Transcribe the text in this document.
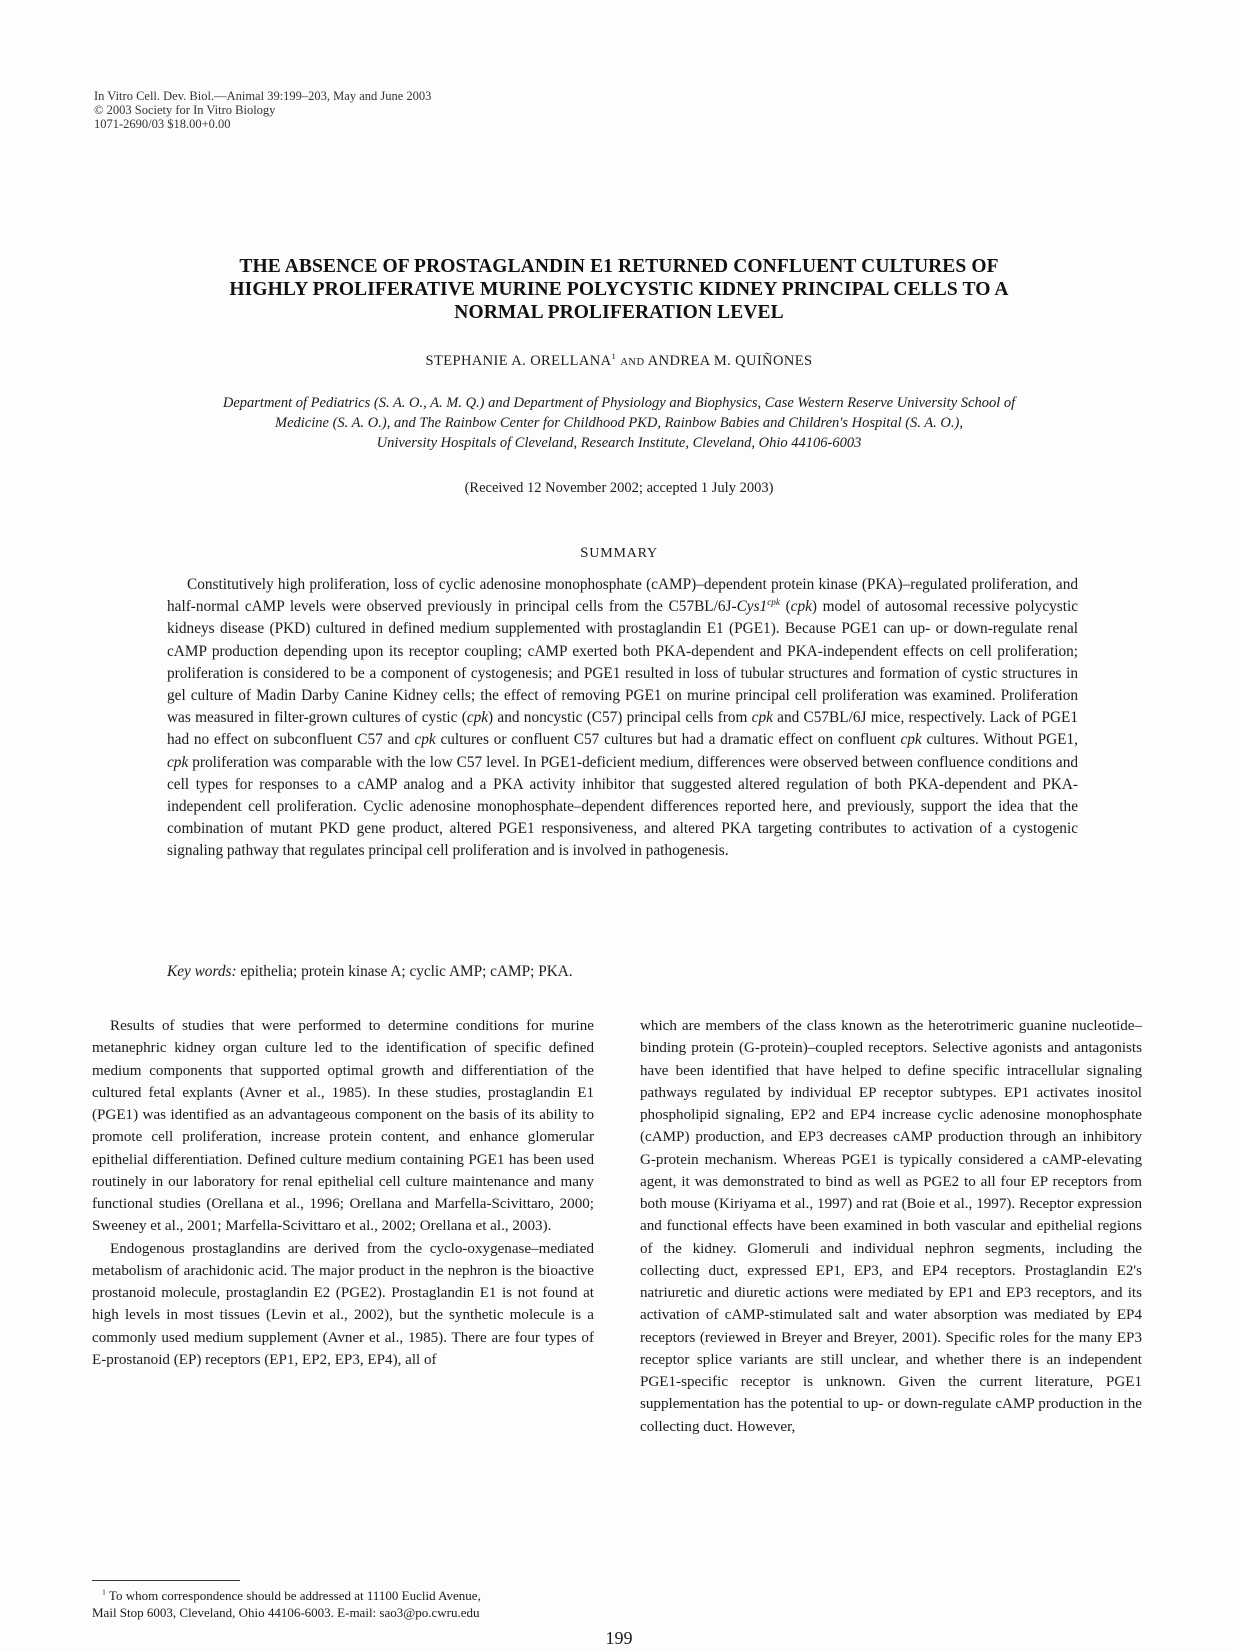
In Vitro Cell. Dev. Biol.—Animal 39:199–203, May and June 2003
© 2003 Society for In Vitro Biology
1071-2690/03 $18.00+0.00
THE ABSENCE OF PROSTAGLANDIN E1 RETURNED CONFLUENT CULTURES OF
HIGHLY PROLIFERATIVE MURINE POLYCYSTIC KIDNEY PRINCIPAL CELLS TO A
NORMAL PROLIFERATION LEVEL
STEPHANIE A. ORELLANA$^1$ AND ANDREA M. QUIÑONES
Department of Pediatrics (S. A. O., A. M. Q.) and Department of Physiology and Biophysics, Case Western Reserve University School of
Medicine (S. A. O.), and The Rainbow Center for Childhood PKD, Rainbow Babies and Children's Hospital (S. A. O.),
University Hospitals of Cleveland, Research Institute, Cleveland, Ohio 44106-6003
(Received 12 November 2002; accepted 1 July 2003)
SUMMARY

Constitutively high proliferation, loss of cyclic adenosine monophosphate (cAMP)–dependent protein kinase (PKA)–regulated proliferation, and half-normal cAMP levels were observed previously in principal cells from the $C57BL/6J-Cys1^{cpk}$ (cpk) model of autosomal recessive polycystic kidneys disease (PKD) cultured in defined medium supplemented with prostaglandin E1 (PGE1). Because PGE1 can up- or down-regulate renal cAMP production depending upon its receptor coupling; cAMP exerted both PKA-dependent and PKA-independent effects on cell proliferation; proliferation is considered to be a component of cystogenesis; and PGE1 resulted in loss of tubular structures and formation of cystic structures in gel culture of Madin Darby Canine Kidney cells; the effect of removing PGE1 on murine principal cell proliferation was examined. Proliferation was measured in filter-grown cultures of cystic (cpk) and noncystic (C57) principal cells from cpk and C57BL/6J mice, respectively. Lack of PGE1 had no effect on subconfluent C57 and cpk cultures or confluent C57 cultures but had a dramatic effect on confluent cpk cultures. Without PGE1, cpk proliferation was comparable with the low C57 level. In PGE1-deficient medium, differences were observed between confluence conditions and cell types for responses to a cAMP analog and a PKA activity inhibitor that suggested altered regulation of both PKA-dependent and PKA-independent cell proliferation. Cyclic adenosine monophosphate–dependent differences reported here, and previously, support the idea that the combination of mutant PKD gene product, altered PGE1 responsiveness, and altered PKA targeting contributes to activation of a cystogenic signaling pathway that regulates principal cell proliferation and is involved in pathogenesis.

Key words: epithelia; protein kinase A; cyclic AMP; cAMP; PKA.

Results of studies that were performed to determine conditions for murine metanephric kidney organ culture led to the identification of specific defined medium components that supported optimal growth and differentiation of the cultured fetal explants (Avner et al., 1985). In these studies, prostaglandin E1 (PGE1) was identified as an advantageous component on the basis of its ability to promote cell proliferation, increase protein content, and enhance glomerular epithelial differentiation. Defined culture medium containing PGE1 has been used routinely in our laboratory for renal epithelial cell culture maintenance and many functional studies (Orellana et al., 1996; Orellana and Marfella-Scivittaro, 2000; Sweeney et al., 2001; Marfella-Scivittaro et al., 2002; Orellana et al., 2003).

Endogenous prostaglandins are derived from the cyclo-oxygenase–mediated metabolism of arachidonic acid. The major product in the nephron is the bioactive prostanoid molecule, prostaglandin E2 (PGE2). Prostaglandin E1 is not found at high levels in most tissues (Levin et al., 2002), but the synthetic molecule is a commonly used medium supplement (Avner et al., 1985). There are four types of E-prostanoid (EP) receptors (EP1, EP2, EP3, EP4), all of

which are members of the class known as the heterotrimeric guanine nucleotide–binding protein (G-protein)–coupled receptors. Selective agonists and antagonists have been identified that have helped to define specific intracellular signaling pathways regulated by individual EP receptor subtypes. EP1 activates inositol phospholipid signaling, EP2 and EP4 increase cyclic adenosine monophosphate (cAMP) production, and EP3 decreases cAMP production through an inhibitory G-protein mechanism. Whereas PGE1 is typically considered a cAMP-elevating agent, it was demonstrated to bind as well as PGE2 to all four EP receptors from both mouse (Kiriyama et al., 1997) and rat (Boie et al., 1997). Receptor expression and functional effects have been examined in both vascular and epithelial regions of the kidney. Glomeruli and individual nephron segments, including the collecting duct, expressed EP1, EP3, and EP4 receptors. Prostaglandin E2's natriuretic and diuretic actions were mediated by EP1 and EP3 receptors, and its activation of cAMP-stimulated salt and water absorption was mediated by EP4 receptors (reviewed in Breyer and Breyer, 2001). Specific roles for the many EP3 receptor splice variants are still unclear, and whether there is an independent PGE1-specific receptor is unknown. Given the current literature, PGE1 supplementation has the potential to up- or down-regulate cAMP production in the collecting duct. However,

$^1$ To whom correspondence should be addressed at 11100 Euclid Avenue,
Mail Stop 6003, Cleveland, Ohio 44106-6003. E-mail: sao3@po.cwru.edu
199
